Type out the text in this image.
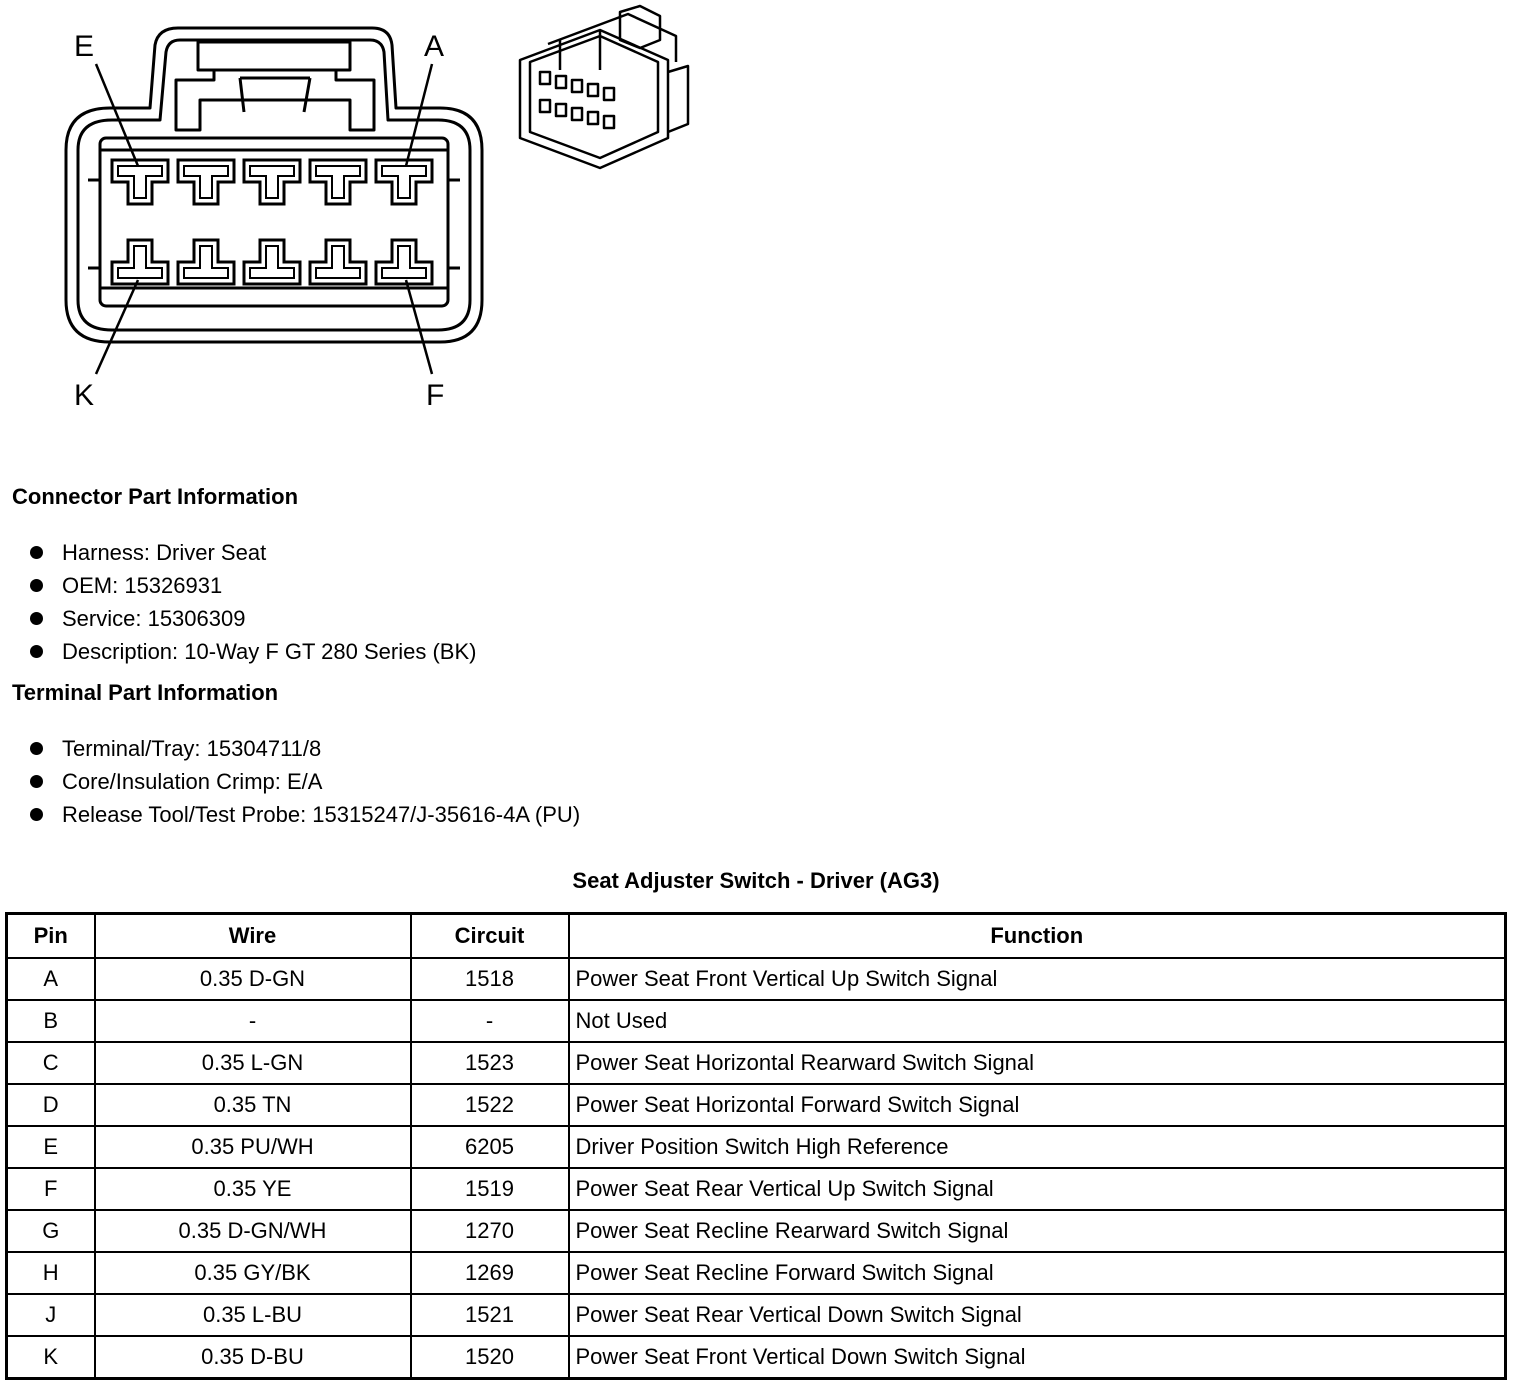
E	A
K	F
Connector Part Information
Harness: Driver Seat
OEM: 15326931
Service: 15306309
Description: 10-Way F GT 280 Series (BK)
Terminal Part Information
Terminal/Tray: 15304711/8
Core/Insulation Crimp: E/A
Release Tool/Test Probe: 15315247/J-35616-4A (PU)
Seat Adjuster Switch - Driver (AG3)
Pin	Wire	Circuit	Function
A	0.35 D-GN	1518	Power Seat Front Vertical Up Switch Signal
B	-	-	Not Used
C	0.35 L-GN	1523	Power Seat Horizontal Rearward Switch Signal
D	0.35 TN	1522	Power Seat Horizontal Forward Switch Signal
E	0.35 PU/WH	6205	Driver Position Switch High Reference
F	0.35 YE	1519	Power Seat Rear Vertical Up Switch Signal
G	0.35 D-GN/WH	1270	Power Seat Recline Rearward Switch Signal
H	0.35 GY/BK	1269	Power Seat Recline Forward Switch Signal
J	0.35 L-BU	1521	Power Seat Rear Vertical Down Switch Signal
K	0.35 D-BU	1520	Power Seat Front Vertical Down Switch Signal
